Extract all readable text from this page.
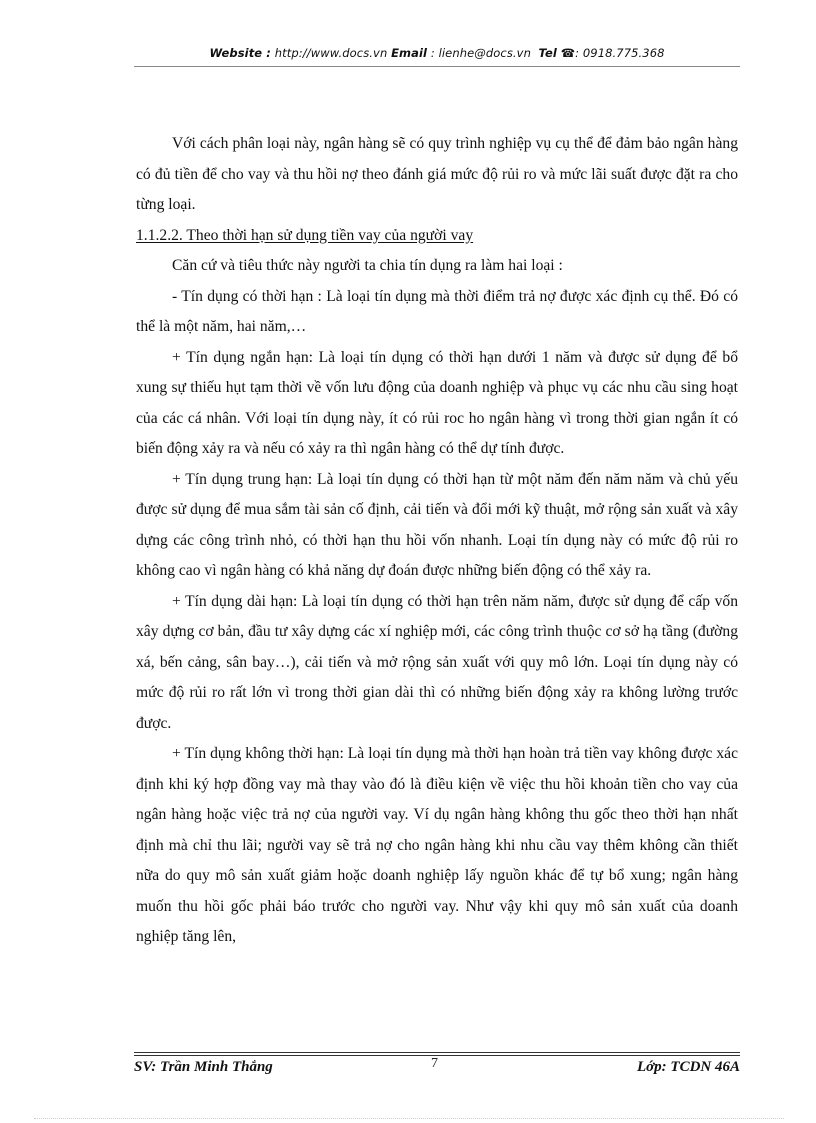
Website : http://www.docs.vn Email : lienhe@docs.vn  Tel ☎: 0918.775.368

Với cách phân loại này, ngân hàng sẽ có quy trình nghiệp vụ cụ thể để đảm bảo ngân hàng có đủ tiền để cho vay và thu hồi nợ theo đánh giá mức độ rủi ro và mức lãi suất được đặt ra cho từng loại.

1.1.2.2. Theo thời hạn sử dụng tiền vay của người vay

Căn cứ và tiêu thức này người ta chia tín dụng ra làm hai loại :

- Tín dụng có thời hạn : Là loại tín dụng mà thời điểm trả nợ được xác định cụ thể. Đó có thể là một năm, hai năm,…

+ Tín dụng ngắn hạn: Là loại tín dụng có thời hạn dưới 1 năm và được sử dụng để bổ xung sự thiếu hụt tạm thời về vốn lưu động của doanh nghiệp và phục vụ các nhu cầu sing hoạt của các cá nhân. Với loại tín dụng này, ít có rủi roc ho ngân hàng vì trong thời gian ngắn ít có biến động xảy ra và nếu có xảy ra thì ngân hàng có thể dự tính được.

+ Tín dụng trung hạn: Là loại tín dụng có thời hạn từ một năm đến năm năm và chủ yếu được sử dụng để mua sắm tài sản cố định, cải tiến và đổi mới kỹ thuật, mở rộng sản xuất và xây dựng các công trình nhỏ, có thời hạn thu hồi vốn nhanh. Loại tín dụng này có mức độ rủi ro không cao vì ngân hàng có khả năng dự đoán được những biến động có thể xảy ra.

+ Tín dụng dài hạn: Là loại tín dụng có thời hạn trên năm năm, được sử dụng để cấp vốn xây dựng cơ bản, đầu tư xây dựng các xí nghiệp mới, các công trình thuộc cơ sở hạ tầng (đường xá, bến cảng, sân bay…), cải tiến và mở rộng sản xuất với quy mô lớn. Loại tín dụng này có mức độ rủi ro rất lớn vì trong thời gian dài thì có những biến động xảy ra không lường trước được.

+ Tín dụng không thời hạn: Là loại tín dụng mà thời hạn hoàn trả tiền vay không được xác định khi ký hợp đồng vay mà thay vào đó là điều kiện về việc thu hồi khoản tiền cho vay của ngân hàng hoặc việc trả nợ của người vay. Ví dụ ngân hàng không thu gốc theo thời hạn nhất định mà chỉ thu lãi; người vay sẽ trả nợ cho ngân hàng khi nhu cầu vay thêm không cần thiết nữa do quy mô sản xuất giảm hoặc doanh nghiệp lấy nguồn khác để tự bổ xung; ngân hàng muốn thu hồi gốc phải báo trước cho người vay. Như vậy khi quy mô sản xuất của doanh nghiệp tăng lên,

SV: Trần Minh Thắng	7	Lớp: TCDN 46A
